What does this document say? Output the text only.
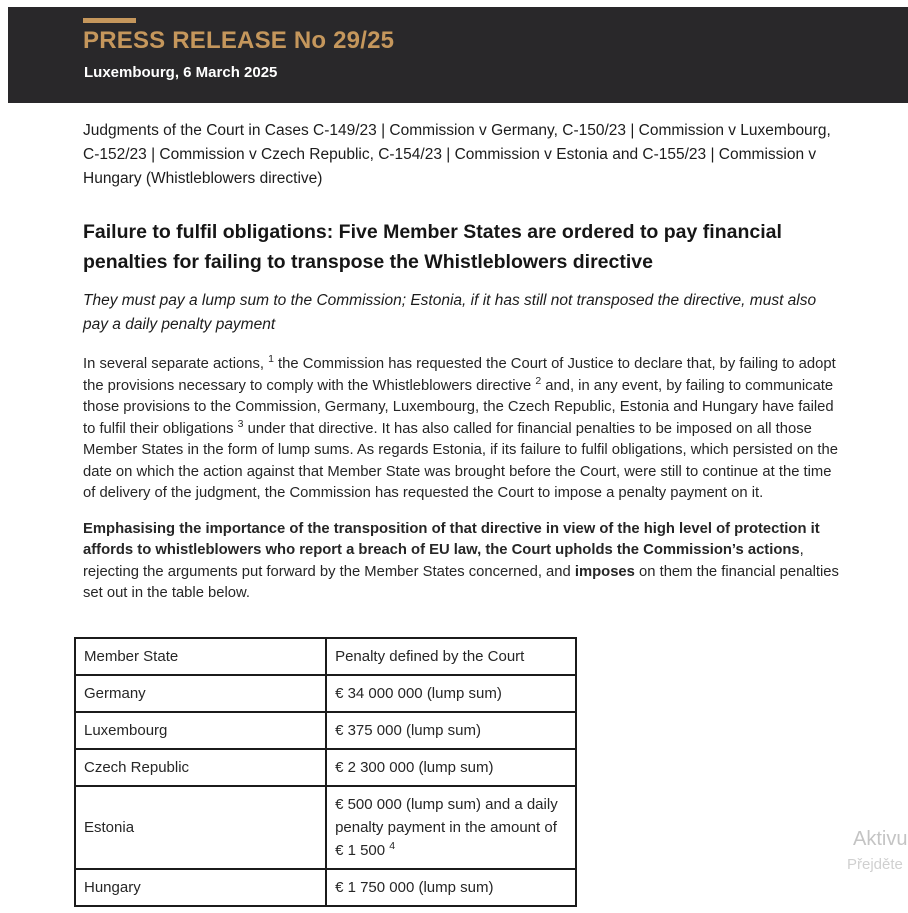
PRESS RELEASE No 29/25
Luxembourg, 6 March 2025

Judgments of the Court in Cases C-149/23 | Commission v Germany, C-150/23 | Commission v Luxembourg, C-152/23 | Commission v Czech Republic, C-154/23 | Commission v Estonia and C-155/23 | Commission v Hungary (Whistleblowers directive)

Failure to fulfil obligations: Five Member States are ordered to pay financial penalties for failing to transpose the Whistleblowers directive

They must pay a lump sum to the Commission; Estonia, if it has still not transposed the directive, must also pay a daily penalty payment

In several separate actions, $^1$ the Commission has requested the Court of Justice to declare that, by failing to adopt the provisions necessary to comply with the Whistleblowers directive $^2$ and, in any event, by failing to communicate those provisions to the Commission, Germany, Luxembourg, the Czech Republic, Estonia and Hungary have failed to fulfil their obligations $^3$ under that directive. It has also called for financial penalties to be imposed on all those Member States in the form of lump sums. As regards Estonia, if its failure to fulfil obligations, which persisted on the date on which the action against that Member State was brought before the Court, were still to continue at the time of delivery of the judgment, the Commission has requested the Court to impose a penalty payment on it.

Emphasising the importance of the transposition of that directive in view of the high level of protection it affords to whistleblowers who report a breach of EU law, the Court upholds the Commission’s actions, rejecting the arguments put forward by the Member States concerned, and imposes on them the financial penalties set out in the table below.

Member State	Penalty defined by the Court
Germany	€ 34 000 000 (lump sum)
Luxembourg	€ 375 000 (lump sum)
Czech Republic	€ 2 300 000 (lump sum)
Estonia	€ 500 000 (lump sum) and a daily penalty payment in the amount of € 1 500 $^4$
Hungary	€ 1 750 000 (lump sum)
Aktivu
Přejděte
